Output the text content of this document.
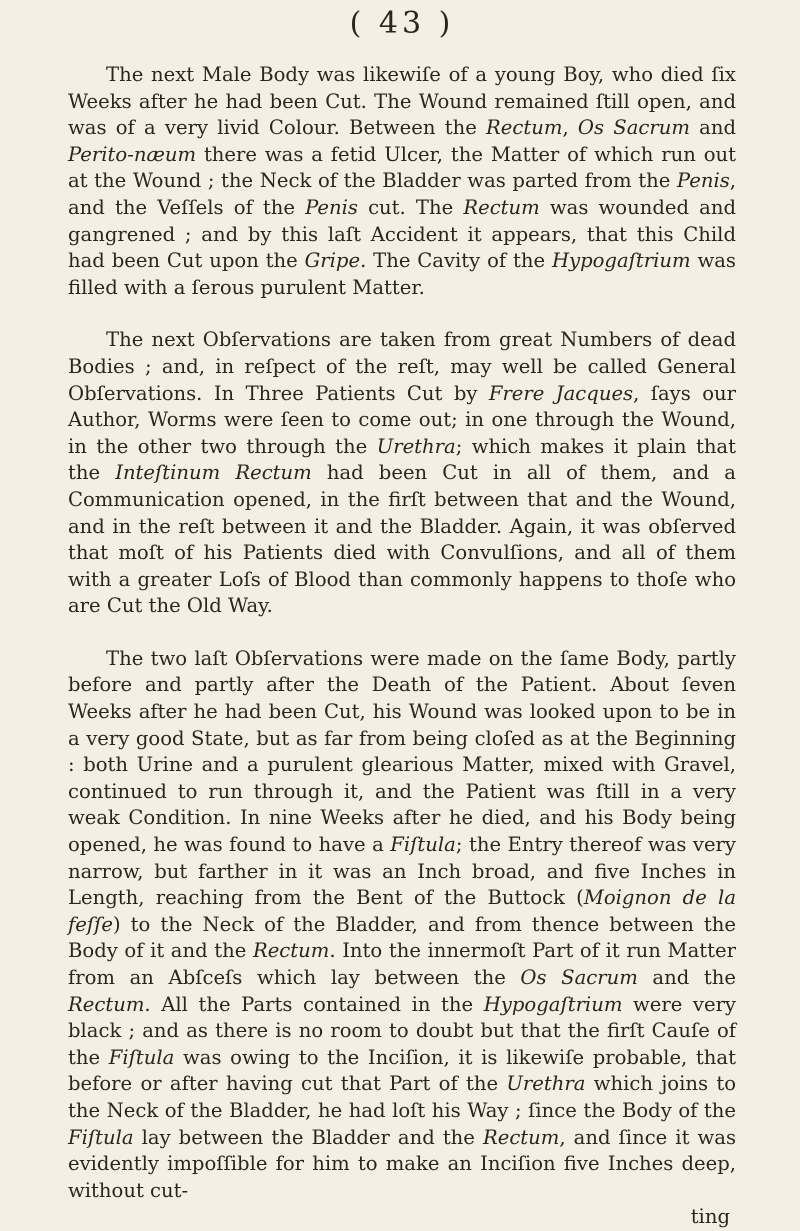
( 43 )

The next Male Body was likewiſe of a young Boy, who died ſix Weeks after he had been Cut. The Wound remained ſtill open, and was of a very livid Colour. Between the Rectum, Os Sacrum and Perito-næum there was a fetid Ulcer, the Matter of which run out at the Wound ; the Neck of the Bladder was parted from the Penis, and the Veſſels of the Penis cut. The Rectum was wounded and gangrened ; and by this laſt Accident it appears, that this Child had been Cut upon the Gripe. The Cavity of the Hypogaſtrium was filled with a ſerous purulent Matter.

The next Obſervations are taken from great Numbers of dead Bodies ; and, in reſpect of the reſt, may well be called General Obſervations. In Three Patients Cut by Frere Jacques, ſays our Author, Worms were ſeen to come out; in one through the Wound, in the other two through the Urethra; which makes it plain that the Inteſtinum Rectum had been Cut in all of them, and a Communication opened, in the firſt between that and the Wound, and in the reſt between it and the Bladder. Again, it was obſerved that moſt of his Patients died with Convulſions, and all of them with a greater Loſs of Blood than commonly happens to thoſe who are Cut the Old Way.

The two laſt Obſervations were made on the ſame Body, partly before and partly after the Death of the Patient. About ſeven Weeks after he had been Cut, his Wound was looked upon to be in a very good State, but as far from being cloſed as at the Beginning : both Urine and a purulent glearious Matter, mixed with Gravel, continued to run through it, and the Patient was ſtill in a very weak Condition. In nine Weeks after he died, and his Body being opened, he was found to have a Fiſtula; the Entry thereof was very narrow, but farther in it was an Inch broad, and five Inches in Length, reaching from the Bent of the Buttock (Moignon de la feſſe) to the Neck of the Bladder, and from thence between the Body of it and the Rectum. Into the innermoſt Part of it run Matter from an Abſceſs which lay between the Os Sacrum and the Rectum. All the Parts contained in the Hypogaſtrium were very black ; and as there is no room to doubt but that the firſt Cauſe of the Fiſtula was owing to the Inciſion, it is likewiſe probable, that before or after having cut that Part of the Urethra which joins to the Neck of the Bladder, he had loſt his Way ; ſince the Body of the Fiſtula lay between the Bladder and the Rectum, and ſince it was evidently impoſſible for him to make an Inciſion five Inches deep, without cut-

ting
